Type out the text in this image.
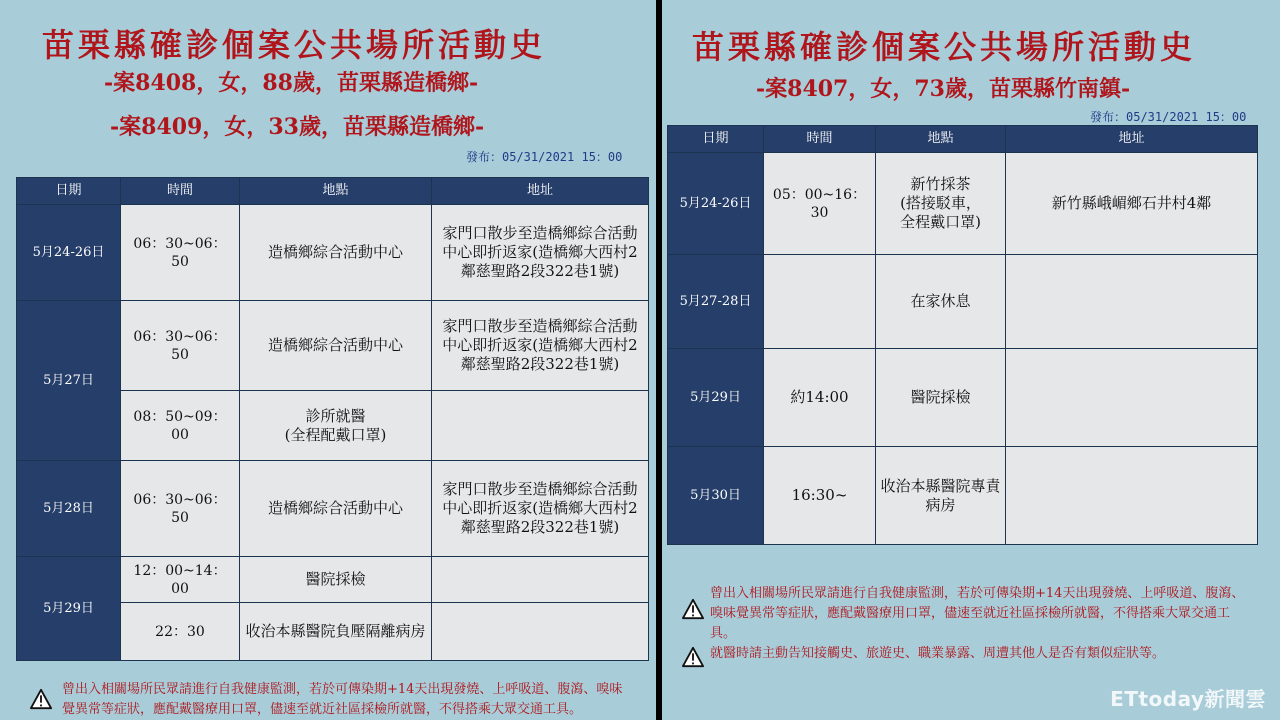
苗栗縣確診個案公共場所活動史
-案8408，女，88歲，苗栗縣造橋鄉-
-案8409，女，33歲，苗栗縣造橋鄉-
發布：05/31/2021 15：00
日期	時間	地點	地址
5月24-26日	06：30~06：50	造橋鄉綜合活動中心	家門口散步至造橋鄉綜合活動中心即折返家(造橋鄉大西村2鄰慈聖路2段322巷1號)
5月27日	06：30~06：50	造橋鄉綜合活動中心	家門口散步至造橋鄉綜合活動中心即折返家(造橋鄉大西村2鄰慈聖路2段322巷1號)
	08：50~09：00	診所就醫
(全程配戴口罩)	
5月28日	06：30~06：50	造橋鄉綜合活動中心	家門口散步至造橋鄉綜合活動中心即折返家(造橋鄉大西村2鄰慈聖路2段322巷1號)
5月29日	12：00~14：00	醫院採檢	
	22：30	收治本縣醫院負壓隔離病房	
曾出入相關場所民眾請進行自我健康監測，若於可傳染期+14天出現發燒、上呼吸道、腹瀉、嗅味覺異常等症狀，應配戴醫療用口罩，儘速至就近社區採檢所就醫，不得搭乘大眾交通工具。
苗栗縣確診個案公共場所活動史
-案8407，女，73歲，苗栗縣竹南鎮-
發布：05/31/2021 15：00
日期	時間	地點	地址
5月24-26日	05：00~16：30	新竹採茶
(搭接駁車，
全程戴口罩)	新竹縣峨嵋鄉石井村4鄰
5月27-28日		在家休息	
5月29日	約14:00	醫院採檢	
5月30日	16:30~	收治本縣醫院專責病房	
曾出入相關場所民眾請進行自我健康監測，若於可傳染期+14天出現發燒、上呼吸道、腹瀉、嗅味覺異常等症狀，應配戴醫療用口罩，儘速至就近社區採檢所就醫，不得搭乘大眾交通工具。
就醫時請主動告知接觸史、旅遊史、職業暴露、周遭其他人是否有類似症狀等。
ETtoday新聞雲
